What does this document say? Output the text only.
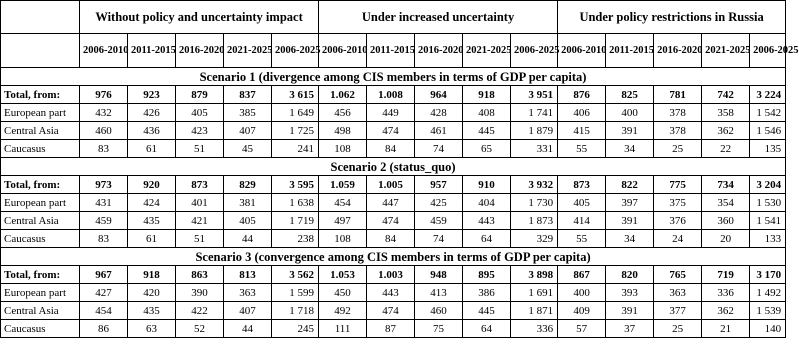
	Without policy and uncertainty impact					Under increased uncertainty					Under policy restrictions in Russia				
	2006-2010	2011-2015	2016-2020	2021-2025	2006-2025	2006-2010	2011-2015	2016-2020	2021-2025	2006-2025	2006-2010	2011-2015	2016-2020	2021-2025	2006-2025
Scenario 1 (divergence among CIS members in terms of GDP per capita)															
Total, from:	976	923	879	837	3 615	1.062	1.008	964	918	3 951	876	825	781	742	3 224
European part	432	426	405	385	1 649	456	449	428	408	1 741	406	400	378	358	1 542
Central Asia	460	436	423	407	1 725	498	474	461	445	1 879	415	391	378	362	1 546
Caucasus	83	61	51	45	241	108	84	74	65	331	55	34	25	22	135
Scenario 2 (status_quo)															
Total, from:	973	920	873	829	3 595	1.059	1.005	957	910	3 932	873	822	775	734	3 204
European part	431	424	401	381	1 638	454	447	425	404	1 730	405	397	375	354	1 530
Central Asia	459	435	421	405	1 719	497	474	459	443	1 873	414	391	376	360	1 541
Caucasus	83	61	51	44	238	108	84	74	64	329	55	34	24	20	133
Scenario 3 (convergence among CIS members in terms of GDP per capita)															
Total, from:	967	918	863	813	3 562	1.053	1.003	948	895	3 898	867	820	765	719	3 170
European part	427	420	390	363	1 599	450	443	413	386	1 691	400	393	363	336	1 492
Central Asia	454	435	422	407	1 718	492	474	460	445	1 871	409	391	377	362	1 539
Caucasus	86	63	52	44	245	111	87	75	64	336	57	37	25	21	140
